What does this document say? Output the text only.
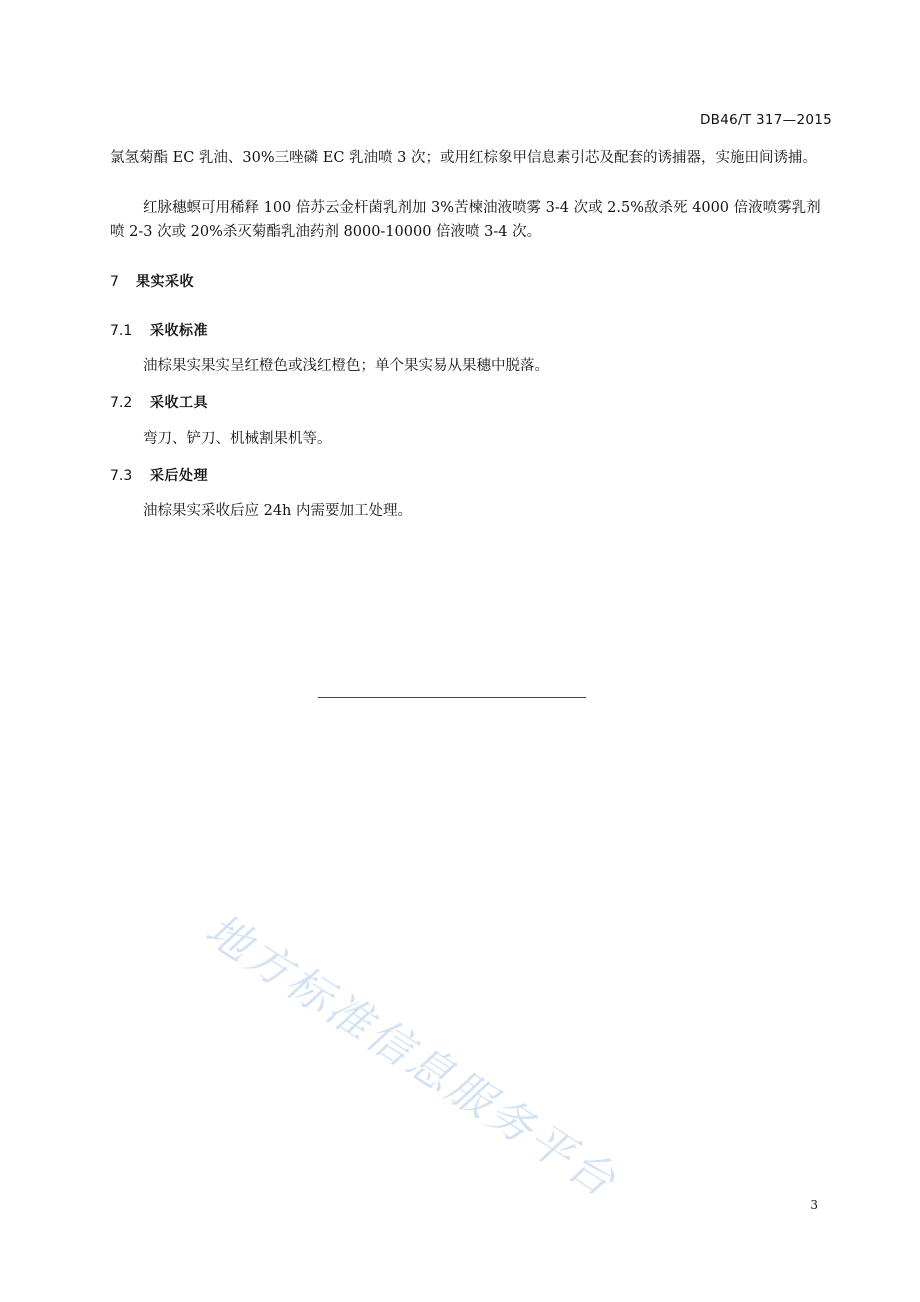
DB46/T 317—2015

氯氢菊酯 EC 乳油、30%三唑磷 EC 乳油喷 3 次；或用红棕象甲信息素引芯及配套的诱捕器，实施田间诱捕。

红脉穗螟可用稀释 100 倍苏云金杆菌乳剂加 3%苦楝油液喷雾 3-4 次或 2.5%敌杀死 4000 倍液喷雾乳剂喷 2-3 次或 20%杀灭菊酯乳油药剂 8000-10000 倍液喷 3-4 次。

7 果实采收
7.1 采收标准

油棕果实果实呈红橙色或浅红橙色；单个果实易从果穗中脱落。

7.2 采收工具

弯刀、铲刀、机械割果机等。

7.3 采后处理

油棕果实采收后应 24h 内需要加工处理。

地方标准信息服务平台	3
